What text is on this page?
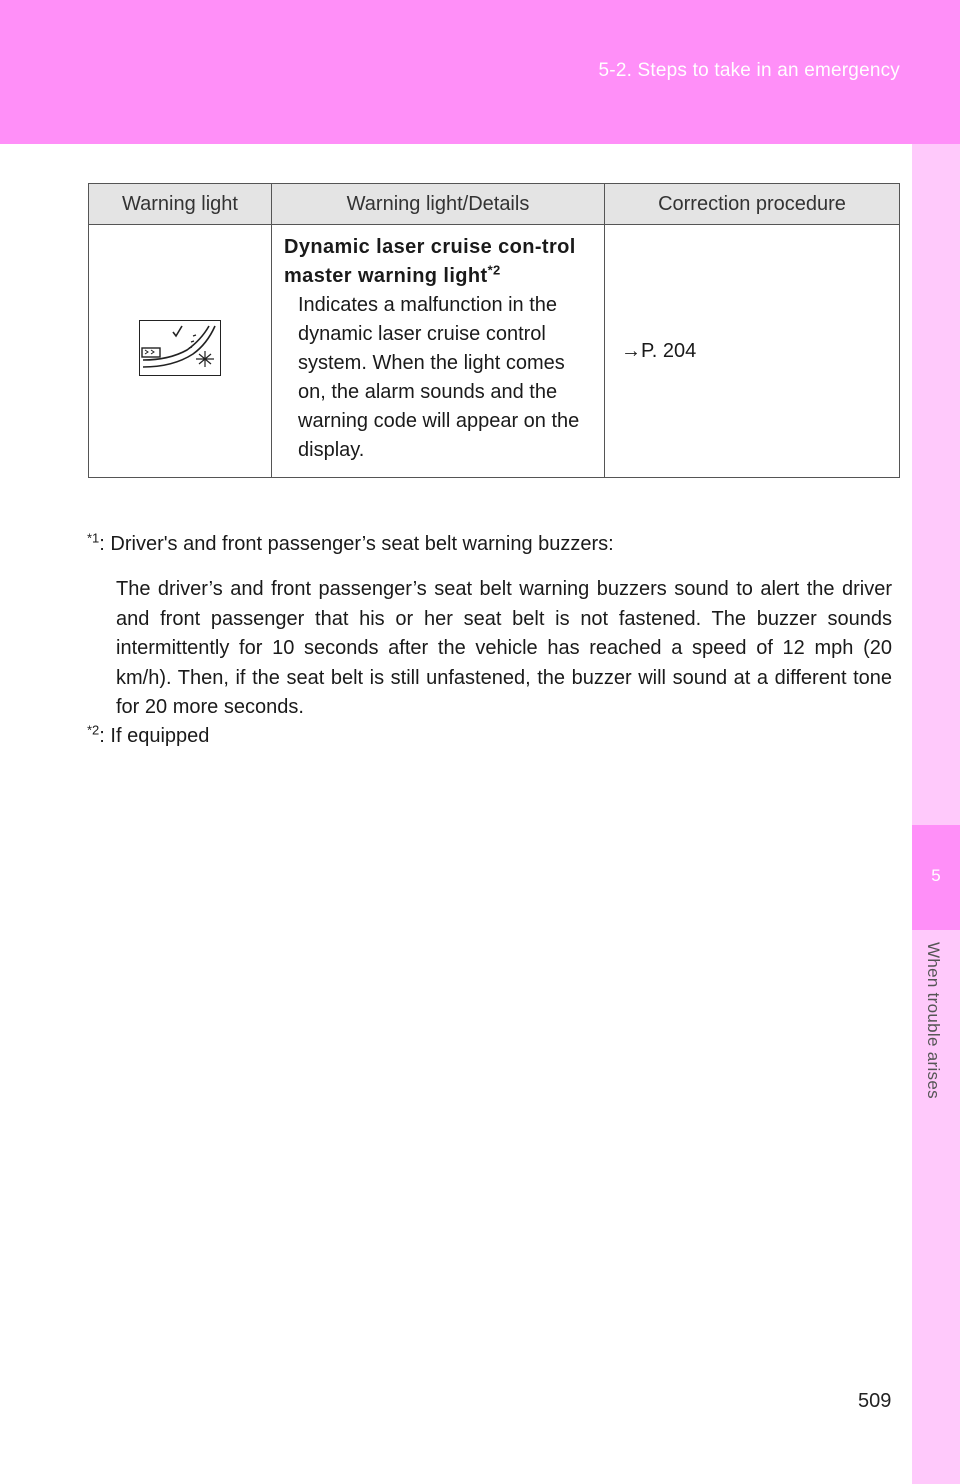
5-2. Steps to take in an emergency
5
When trouble arises
Warning light	Warning light/Details	Correction procedure

Dynamic laser cruise con-trol master warning light$^{*2}$
Indicates a malfunction in the dynamic laser cruise control system. When the light comes on, the alarm sounds and the warning code will appear on the display.	→P. 204
$^{*1}$: Driver's and front passenger’s seat belt warning buzzers:

The driver’s and front passenger’s seat belt warning buzzers sound to alert the driver and front passenger that his or her seat belt is not fastened. The buzzer sounds intermittently for 10 seconds after the vehicle has reached a speed of 12 mph (20 km/h). Then, if the seat belt is still unfastened, the buzzer will sound at a different tone for 20 more seconds.

$^{*2}$: If equipped
509
